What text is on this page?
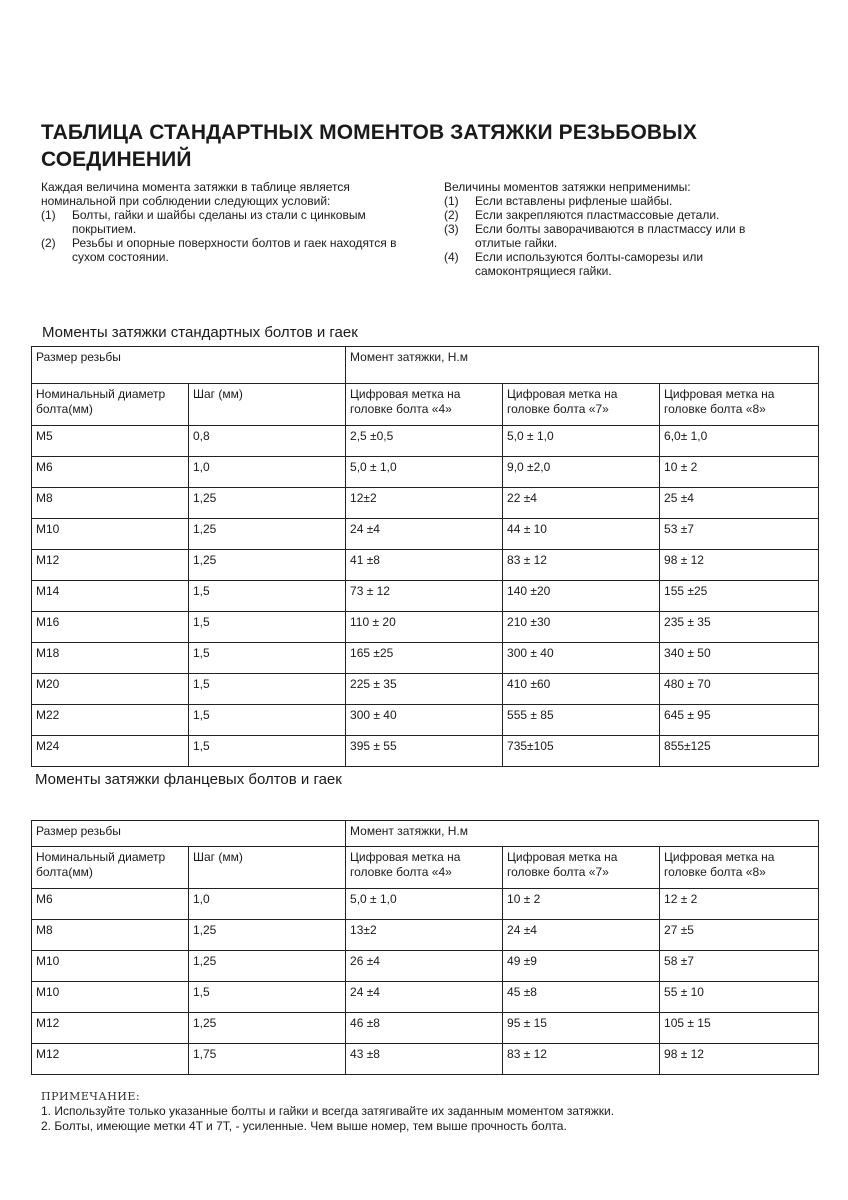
ТАБЛИЦА СТАНДАРТНЫХ МОМЕНТОВ ЗАТЯЖКИ РЕЗЬБОВЫХ СОЕДИНЕНИЙ
Каждая величина момента затяжки в таблице является номинальной при соблюдении следующих условий:
(1) Болты, гайки и шайбы сделаны из стали с цинковым покрытием.
(2) Резьбы и опорные поверхности болтов и гаек находятся в сухом состоянии.
Величины моментов затяжки неприменимы:
(1) Если вставлены рифленые шайбы.
(2) Если закрепляются пластмассовые детали.
(3) Если болты заворачиваются в пластмассу или в отлитые гайки.
(4) Если используются болты-саморезы или самоконтрящиеся гайки.
Моменты затяжки стандартных болтов и гаек
Размер резьбы		Момент затяжки, Н.м		
Номинальный диаметр болта(мм)	Шаг (мм)	Цифровая метка на головке болта «4»	Цифровая метка на головке болта «7»	Цифровая метка на головке болта «8»
M5	0,8	2,5 ±0,5	5,0 ± 1,0	6,0± 1,0
M6	1,0	5,0 ± 1,0	9,0 ±2,0	10 ± 2
M8	1,25	12±2	22 ±4	25 ±4
M10	1,25	24 ±4	44 ± 10	53 ±7
M12	1,25	41 ±8	83 ± 12	98 ± 12
M14	1,5	73 ± 12	140 ±20	155 ±25
M16	1,5	110 ± 20	210 ±30	235 ± 35
M18	1,5	165 ±25	300 ± 40	340 ± 50
M20	1,5	225 ± 35	410 ±60	480 ± 70
M22	1,5	300 ± 40	555 ± 85	645 ± 95
M24	1,5	395 ± 55	735±105	855±125
Моменты затяжки фланцевых болтов и гаек
Размер резьбы		Момент затяжки, Н.м		
Номинальный диаметр болта(мм)	Шаг (мм)	Цифровая метка на головке болта «4»	Цифровая метка на головке болта «7»	Цифровая метка на головке болта «8»
M6	1,0	5,0 ± 1,0	10 ± 2	12 ± 2
M8	1,25	13±2	24 ±4	27 ±5
M10	1,25	26 ±4	49 ±9	58 ±7
M10	1,5	24 ±4	45 ±8	55 ± 10
M12	1,25	46 ±8	95 ± 15	105 ± 15
M12	1,75	43 ±8	83 ± 12	98 ± 12
ПРИМЕЧАНИЕ:
1. Используйте только указанные болты и гайки и всегда затягивайте их заданным моментом затяжки.
2. Болты, имеющие метки 4T и 7T, - усиленные. Чем выше номер, тем выше прочность болта.
